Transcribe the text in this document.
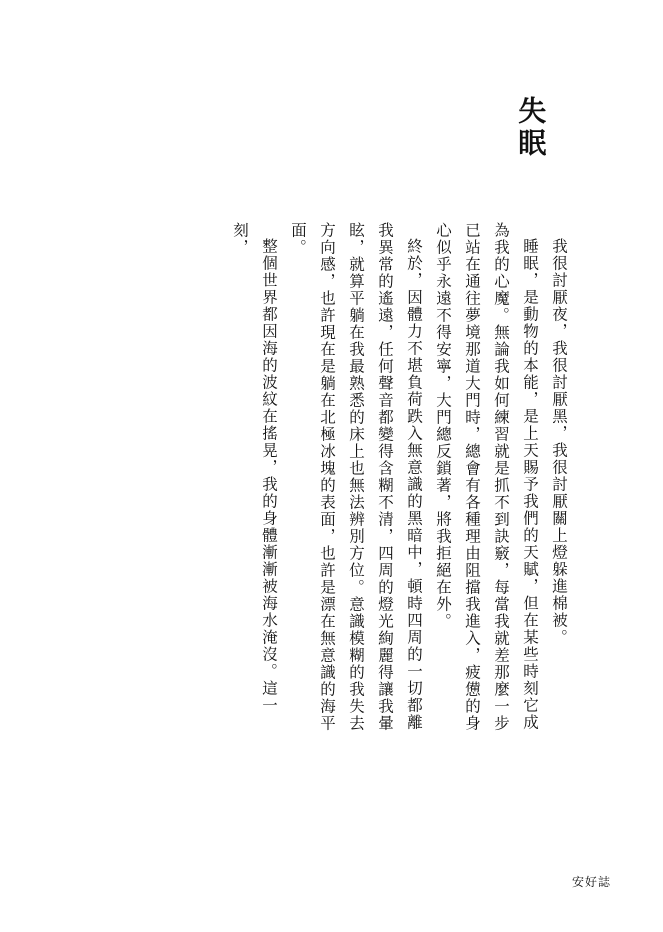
失眠

我很討厭夜，我很討厭黑，我很討厭關上燈躲進棉被。

睡眠，是動物的本能，是上天賜予我們的天賦，但在某些時刻它成為我的心魔。無論我如何練習就是抓不到訣竅，每當我就差那麼一步已站在通往夢境那道大門時，總會有各種理由阻擋我進入，疲憊的身心似乎永遠不得安寧，大門總反鎖著，將我拒絕在外。

終於，因體力不堪負荷跌入無意識的黑暗中，頓時四周的一切都離我異常的遙遠，任何聲音都變得含糊不清，四周的燈光絢麗得讓我暈眩，就算平躺在我最熟悉的床上也無法辨別方位。意識模糊的我失去方向感，也許現在是躺在北極冰塊的表面，也許是漂在無意識的海平面。

整個世界都因海的波紋在搖晃，我的身體漸漸被海水淹沒。這一刻，

安好誌
